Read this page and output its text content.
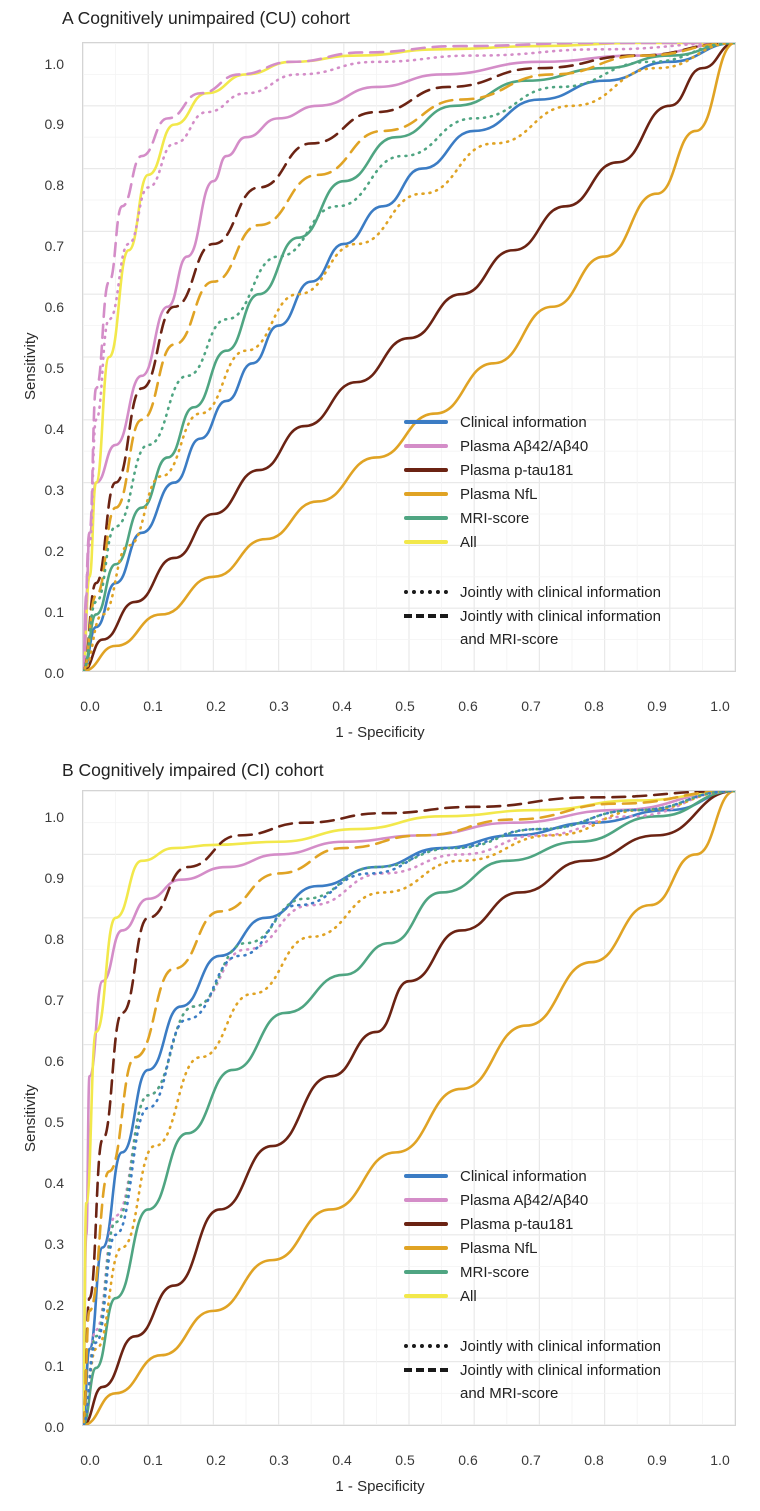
A Cognitively unimpaired (CU) cohort
Sensitivity
0.0
0.1
0.2
0.3
0.4
0.5
0.6
0.7
0.8
0.9
1.0
0.0	0.1	0.2	0.3	0.4	0.5	0.6	0.7	0.8	0.9	1.0
1 - Specificity
Clinical information
Plasma Aβ42/Aβ40
Plasma p-tau181
Plasma NfL
MRI-score
All
Jointly with clinical information
Jointly with clinical information
and MRI-score
B Cognitively impaired (CI) cohort
Sensitivity
0.0
0.1
0.2
0.3
0.4
0.5
0.6
0.7
0.8
0.9
1.0
0.0	0.1	0.2	0.3	0.4	0.5	0.6	0.7	0.8	0.9	1.0
1 - Specificity
Clinical information
Plasma Aβ42/Aβ40
Plasma p-tau181
Plasma NfL
MRI-score
All
Jointly with clinical information
Jointly with clinical information
and MRI-score
